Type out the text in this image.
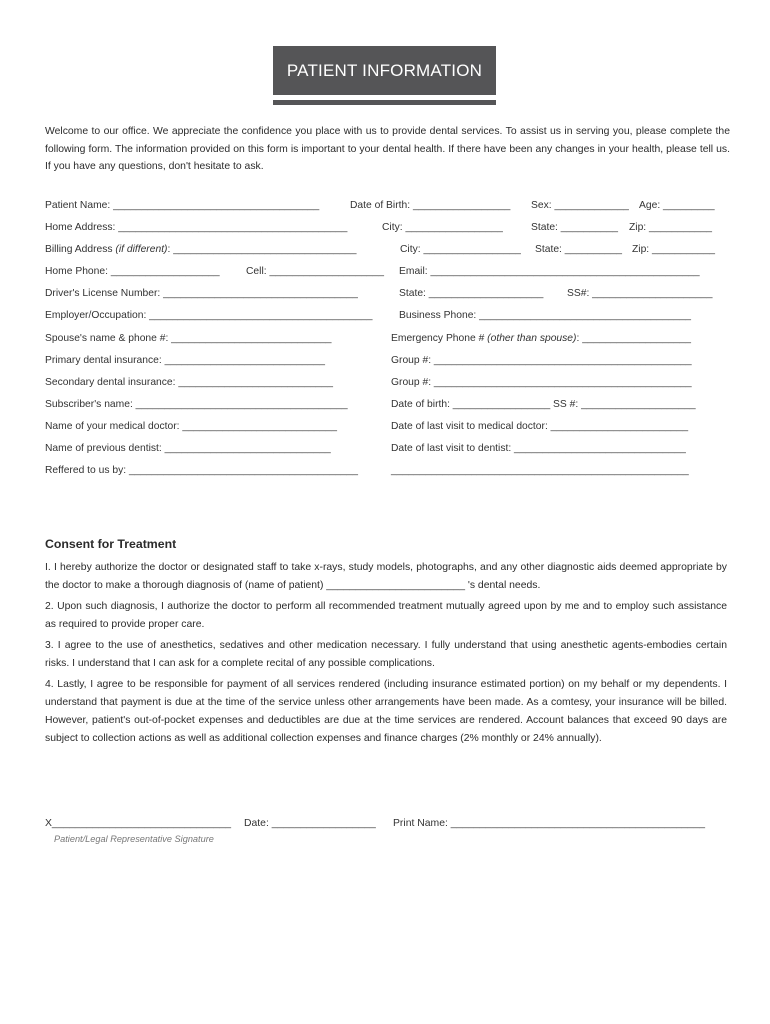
PATIENT INFORMATION
Welcome to our office. We appreciate the confidence you place with us to provide dental services. To assist us in serving you, please complete the following form. The information provided on this form is important to your dental health. If there have been any changes in your health, please tell us. If you have any questions, don't hesitate to ask.
Patient Name: ____________________________________	Date of Birth: _________________ Sex: _____________ Age: _________
Home Address: ________________________________________	City: _________________	State: __________ Zip: ___________
Billing Address (if different): ________________________________	City: _________________ State: __________ Zip: ___________
Home Phone: ___________________	Cell: ____________________ Email: _______________________________________________
Driver's License Number: __________________________________	State: ____________________ SS#: _____________________
Employer/Occupation: _______________________________________	Business Phone: _____________________________________
Spouse's name & phone #: ____________________________	Emergency Phone # (other than spouse): ___________________
Primary dental insurance: ____________________________	Group #: _____________________________________________
Secondary dental insurance: ___________________________	Group #: _____________________________________________
Subscriber's name: _____________________________________	Date of birth: _________________ SS #: ____________________
Name of your medical doctor: ___________________________	Date of last visit to medical doctor: ________________________
Name of previous dentist: _____________________________	Date of last visit to dentist: ______________________________
Reffered to us by: ________________________________________	____________________________________________________
Consent for Treatment
I. I hereby authorize the doctor or designated staff to take x-rays, study models, photographs, and any other diagnostic aids deemed appropriate by the doctor to make a thorough diagnosis of (name of patient) ________________________ 's dental needs.
2. Upon such diagnosis, I authorize the doctor to perform all recommended treatment mutually agreed upon by me and to employ such assistance as required to provide proper care.
3. I agree to the use of anesthetics, sedatives and other medication necessary. I fully understand that using anesthetic agents-embodies certain risks. I understand that I can ask for a complete recital of any possible complications.
4. Lastly, I agree to be responsible for payment of all services rendered (including insurance estimated portion) on my behalf or my dependents. I understand that payment is due at the time of the service unless other arrangements have been made. As a comtesy, your insurance will be billed. However, patient's out-of-pocket expenses and deductibles are due at the time services are rendered. Account balances that exceed 90 days are subject to collection actions as well as additional collection expenses and finance charges (2% monthly or 24% annually).
X_______________________________ Date: __________________ Print Name: ____________________________________________
Patient/Legal Representative Signature
